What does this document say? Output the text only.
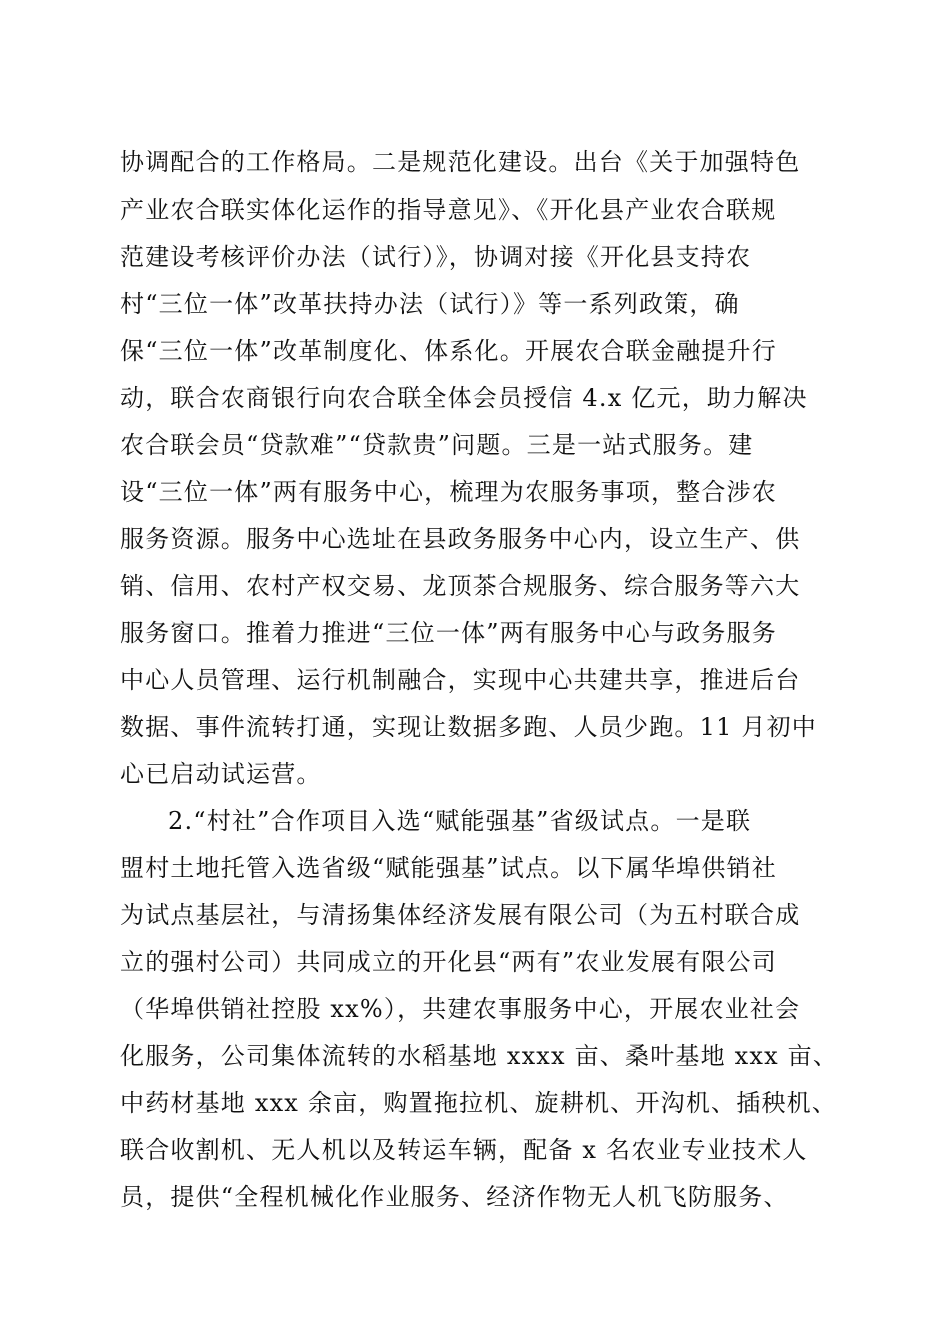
协调配合的工作格局。二是规范化建设。出台《关于加强特色
产业农合联实体化运作的指导意见》、《开化县产业农合联规
范建设考核评价办法（试行）》，协调对接《开化县支持农
村“三位一体”改革扶持办法（试行）》等一系列政策，确
保“三位一体”改革制度化、体系化。开展农合联金融提升行
动，联合农商银行向农合联全体会员授信 4.x 亿元，助力解决
农合联会员“贷款难”“贷款贵”问题。三是一站式服务。建
设“三位一体”两有服务中心，梳理为农服务事项，整合涉农
服务资源。服务中心选址在县政务服务中心内，设立生产、供
销、信用、农村产权交易、龙顶茶合规服务、综合服务等六大
服务窗口。推着力推进“三位一体”两有服务中心与政务服务
中心人员管理、运行机制融合，实现中心共建共享，推进后台
数据、事件流转打通，实现让数据多跑、人员少跑。11 月初中
心已启动试运营。
2.“村社”合作项目入选“赋能强基”省级试点。一是联
盟村土地托管入选省级“赋能强基”试点。以下属华埠供销社
为试点基层社，与清扬集体经济发展有限公司（为五村联合成
立的强村公司）共同成立的开化县“两有”农业发展有限公司
（华埠供销社控股 xx%），共建农事服务中心，开展农业社会
化服务，公司集体流转的水稻基地 xxxx 亩、桑叶基地 xxx 亩、
中药材基地 xxx 余亩，购置拖拉机、旋耕机、开沟机、插秧机、
联合收割机、无人机以及转运车辆，配备 x 名农业专业技术人
员，提供“全程机械化作业服务、经济作物无人机飞防服务、
